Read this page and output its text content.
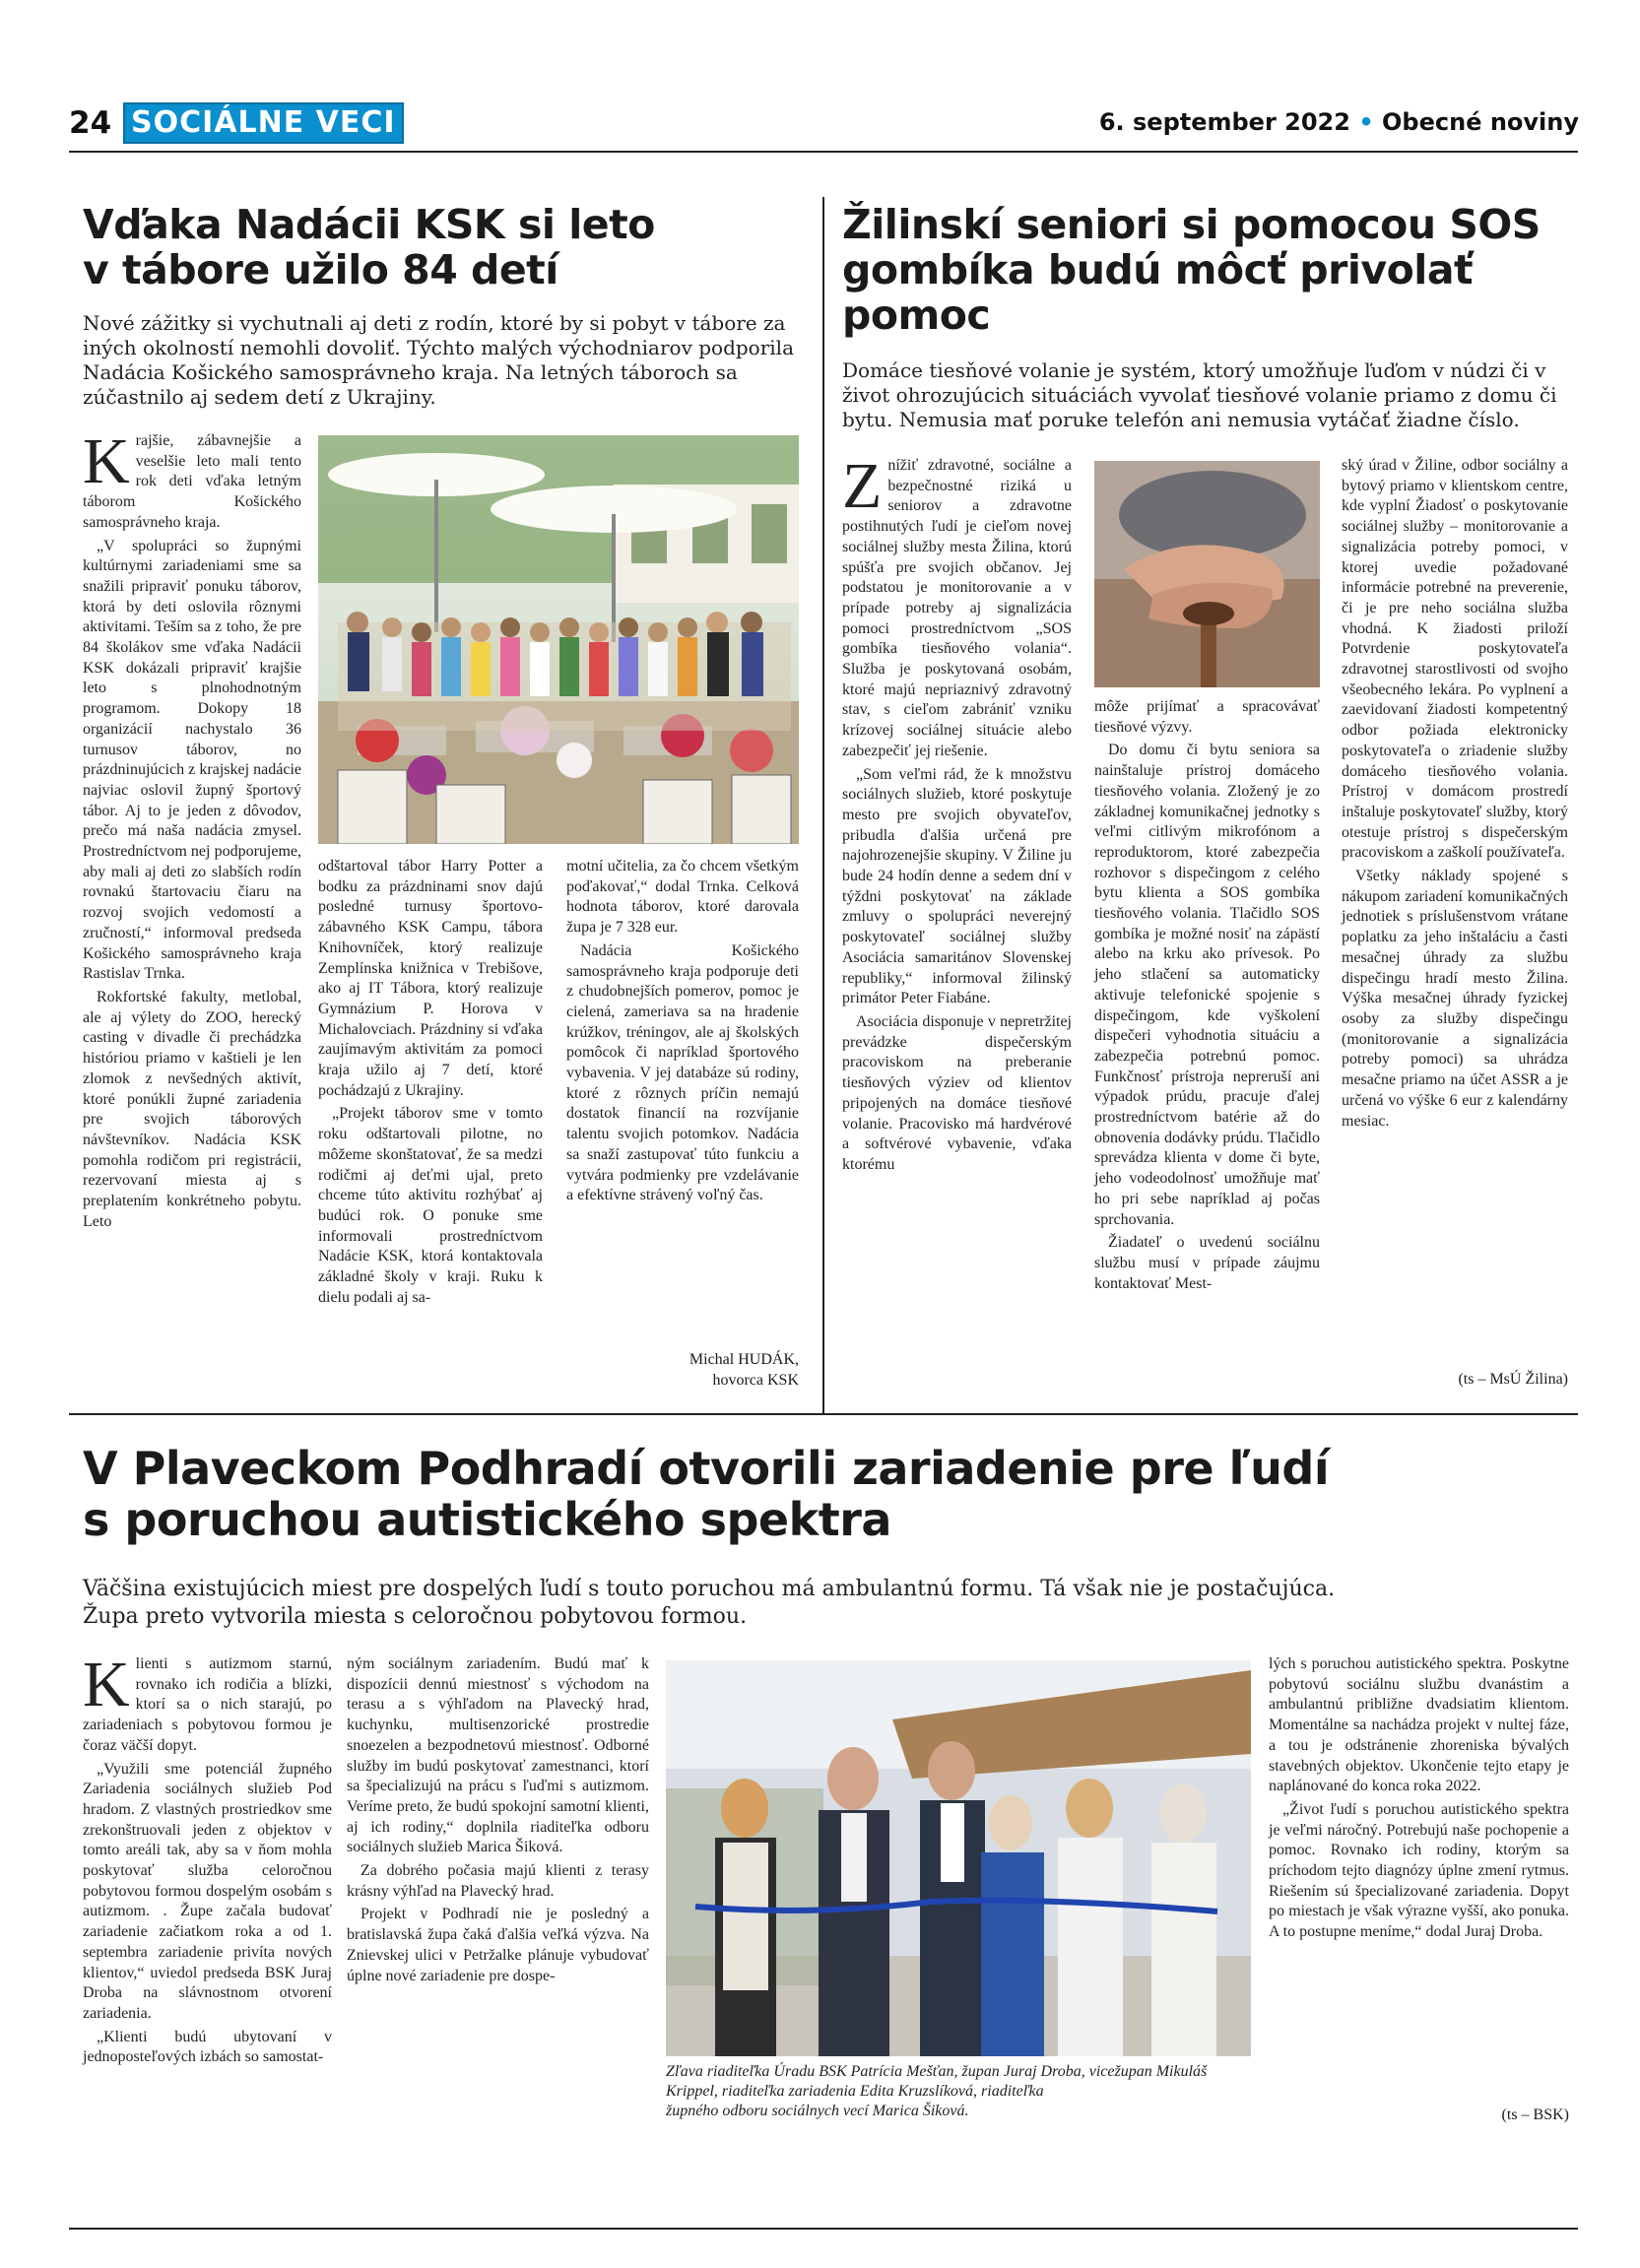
24 SOCIÁLNE VECI	6. september 2022 • Obecné noviny
Vďaka Nadácii KSK si leto
v tábore užilo 84 detí

Nové zážitky si vychutnali aj deti z rodín, ktoré by si pobyt v tábore za iných okolností nemohli dovoliť. Týchto malých východniarov podporila Nadácia Košického samosprávneho kraja. Na letných táboroch sa zúčastnilo aj sedem detí z Ukrajiny.

Krajšie, zábavnejšie a veselšie leto mali tento rok deti vďaka letným táborom Košického samosprávneho kraja.

„V spolupráci so župnými kultúrnymi zariadeniami sme sa snažili pripraviť ponuku táborov, ktorá by deti oslovila rôznymi aktivitami. Teším sa z toho, že pre 84 školákov sme vďaka Nadácii KSK dokázali pripraviť krajšie leto s plnohodnotným programom. Dokopy 18 organizácií nachystalo 36 turnusov táborov, no prázdninujúcich z krajskej nadácie najviac oslovil župný športový tábor. Aj to je jeden z dôvodov, prečo má naša nadácia zmysel. Prostredníctvom nej podporujeme, aby mali aj deti zo slabších rodín rovnakú štartovaciu čiaru na rozvoj svojich vedomostí a zručností,“ informoval predseda Košického samosprávneho kraja Rastislav Trnka.

Rokfortské fakulty, metlobal, ale aj výlety do ZOO, herecký casting v divadle či prechádzka históriou priamo v kaštieli je len zlomok z nevšedných aktivít, ktoré ponúkli župné zariadenia pre svojich táborových návštevníkov. Nadácia KSK pomohla rodičom pri registrácii, rezervovaní miesta aj s preplatením konkrétneho pobytu. Leto

odštartoval tábor Harry Potter a bodku za prázdninami snov dajú posledné turnusy športovo-zábavného KSK Campu, tábora Knihovníček, ktorý realizuje Zemplínska knižnica v Trebišove, ako aj IT Tábora, ktorý realizuje Gymnázium P. Horova v Michalovciach. Prázdniny si vďaka zaujímavým aktivitám za pomoci kraja užilo aj 7 detí, ktoré pochádzajú z Ukrajiny.

„Projekt táborov sme v tomto roku odštartovali pilotne, no môžeme skonštatovať, že sa medzi rodičmi aj deťmi ujal, preto chceme túto aktivitu rozhýbať aj budúci rok. O ponuke sme informovali prostredníctvom Nadácie KSK, ktorá kontaktovala základné školy v kraji. Ruku k dielu podali aj sa-

motní učitelia, za čo chcem všetkým poďakovať,“ dodal Trnka. Celková hodnota táborov, ktoré darovala župa je 7 328 eur.

Nadácia Košického samosprávneho kraja podporuje deti z chudobnejších pomerov, pomoc je cielená, zameriava sa na hradenie krúžkov, tréningov, ale aj školských pomôcok či napríklad športového vybavenia. V jej databáze sú rodiny, ktoré z rôznych príčin nemajú dostatok financií na rozvíjanie talentu svojich potomkov. Nadácia sa snaží zastupovať túto funkciu a vytvára podmienky pre vzdelávanie a efektívne strávený voľný čas.

Michal HUDÁK,
hovorca KSK
Žilinskí seniori si pomocou SOS
gombíka budú môcť privolať
pomoc

Domáce tiesňové volanie je systém, ktorý umožňuje ľuďom v núdzi či v život ohrozujúcich situáciách vyvolať tiesňové volanie priamo z domu či bytu. Nemusia mať poruke telefón ani nemusia vytáčať žiadne číslo.

Znížiť zdravotné, sociálne a bezpečnostné riziká u seniorov a zdravotne postihnutých ľudí je cieľom novej sociálnej služby mesta Žilina, ktorú spúšťa pre svojich občanov. Jej podstatou je monitorovanie a v prípade potreby aj signalizácia pomoci prostredníctvom „SOS gombíka tiesňového volania“. Služba je poskytovaná osobám, ktoré majú nepriaznivý zdravotný stav, s cieľom zabrániť vzniku krízovej sociálnej situácie alebo zabezpečiť jej riešenie.

„Som veľmi rád, že k množstvu sociálnych služieb, ktoré poskytuje mesto pre svojich obyvateľov, pribudla ďalšia určená pre najohrozenejšie skupiny. V Žiline ju bude 24 hodín denne a sedem dní v týždni poskytovať na základe zmluvy o spolupráci neverejný poskytovateľ sociálnej služby Asociácia samaritánov Slovenskej republiky,“ informoval žilinský primátor Peter Fiabáne.

Asociácia disponuje v nepretržitej prevádzke dispečerským pracoviskom na preberanie tiesňových výziev od klientov pripojených na domáce tiesňové volanie. Pracovisko má hardvérové a softvérové vybavenie, vďaka ktorému

môže prijímať a spracovávať tiesňové výzvy.

Do domu či bytu seniora sa nainštaluje prístroj domáceho tiesňového volania. Zložený je zo základnej komunikačnej jednotky s veľmi citlivým mikrofónom a reproduktorom, ktoré zabezpečia rozhovor s dispečingom z celého bytu klienta a SOS gombíka tiesňového volania. Tlačidlo SOS gombíka je možné nosiť na zápästí alebo na krku ako prívesok. Po jeho stlačení sa automaticky aktivuje telefonické spojenie s dispečingom, kde vyškolení dispečeri vyhodnotia situáciu a zabezpečia potrebnú pomoc. Funkčnosť prístroja nepreruší ani výpadok prúdu, pracuje ďalej prostredníctvom batérie až do obnovenia dodávky prúdu. Tlačidlo sprevádza klienta v dome či byte, jeho vodeodolnosť umožňuje mať ho pri sebe napríklad aj počas sprchovania.

Žiadateľ o uvedenú sociálnu službu musí v prípade záujmu kontaktovať Mest-

ský úrad v Žiline, odbor sociálny a bytový priamo v klientskom centre, kde vyplní Žiadosť o poskytovanie sociálnej služby – monitorovanie a signalizácia potreby pomoci, v ktorej uvedie požadované informácie potrebné na preverenie, či je pre neho sociálna služba vhodná. K žiadosti priloží Potvrdenie poskytovateľa zdravotnej starostlivosti od svojho všeobecného lekára. Po vyplnení a zaevidovaní žiadosti kompetentný odbor požiada elektronicky poskytovateľa o zriadenie služby domáceho tiesňového volania. Prístroj v domácom prostredí inštaluje poskytovateľ služby, ktorý otestuje prístroj s dispečerským pracoviskom a zaškolí používateľa.

Všetky náklady spojené s nákupom zariadení komunikačných jednotiek s príslušenstvom vrátane poplatku za jeho inštaláciu a časti mesačnej úhrady za službu dispečingu hradí mesto Žilina. Výška mesačnej úhrady fyzickej osoby za služby dispečingu (monitorovanie a signalizácia potreby pomoci) sa uhrádza mesačne priamo na účet ASSR a je určená vo výške 6 eur z kalendárny mesiac.

(ts – MsÚ Žilina)
V Plaveckom Podhradí otvorili zariadenie pre ľudí
s poruchou autistického spektra

Väčšina existujúcich miest pre dospelých ľudí s touto poruchou má ambulantnú formu. Tá však nie je postačujúca.

Župa preto vytvorila miesta s celoročnou pobytovou formou.

Klienti s autizmom starnú, rovnako ich rodičia a blízki, ktorí sa o nich starajú, po zariadeniach s pobytovou formou je čoraz väčší dopyt.

„Využili sme potenciál župného Zariadenia sociálnych služieb Pod hradom. Z vlastných prostriedkov sme zrekonštruovali jeden z objektov v tomto areáli tak, aby sa v ňom mohla poskytovať služba celoročnou pobytovou formou dospelým osobám s autizmom. . Župe začala budovať zariadenie začiatkom roka a od 1. septembra zariadenie privíta nových klientov,“ uviedol predseda BSK Juraj Droba na slávnostnom otvorení zariadenia.

„Klienti budú ubytovaní v jednoposteľových izbách so samostat-

ným sociálnym zariadením. Budú mať k dispozícii dennú miestnosť s východom na terasu a s výhľadom na Plavecký hrad, kuchynku, multisenzorické prostredie snoezelen a bezpodnetovú miestnosť. Odborné služby im budú poskytovať zamestnanci, ktorí sa špecializujú na prácu s ľuďmi s autizmom. Veríme preto, že budú spokojní samotní klienti, aj ich rodiny,“ doplnila riaditeľka odboru sociálnych služieb Marica Šiková.

Za dobrého počasia majú klienti z terasy krásny výhľad na Plavecký hrad.

Projekt v Podhradí nie je posledný a bratislavská župa čaká ďalšia veľká výzva. Na Znievskej ulici v Petržalke plánuje vybudovať úplne nové zariadenie pre dospe-

Zľava riaditeľka Úradu BSK Patrícia Mešťan, župan Juraj Droba, vicežupan Mikuláš Krippel, riaditeľka zariadenia Edita Kruzslíková, riaditeľka
župného odboru sociálnych vecí Marica Šiková.

lých s poruchou autistického spektra. Poskytne pobytovú sociálnu službu dvanástim a ambulantnú približne dvadsiatim klientom. Momentálne sa nachádza projekt v nultej fáze, a tou je odstránenie zhoreniska bývalých stavebných objektov. Ukončenie tejto etapy je naplánované do konca roka 2022.

„Život ľudí s poruchou autistického spektra je veľmi náročný. Potrebujú naše pochopenie a pomoc. Rovnako ich rodiny, ktorým sa príchodom tejto diagnózy úplne zmení rytmus. Riešením sú špecializované zariadenia. Dopyt po miestach je však výrazne vyšší, ako ponuka. A to postupne meníme,“ dodal Juraj Droba.

(ts – BSK)
